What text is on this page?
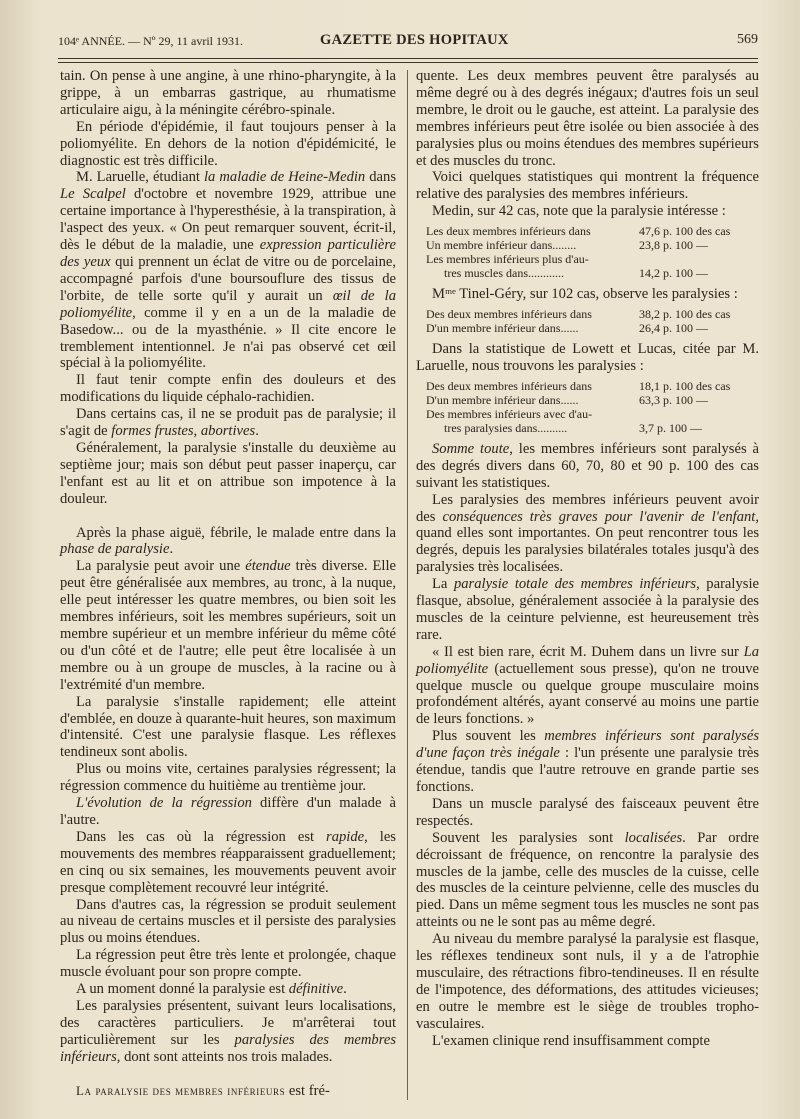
104ᵉ ANNÉE. — Nº 29, 11 avril 1931.	GAZETTE DES HOPITAUX	569

tain. On pense à une angine, à une rhino-pharyngite, à la grippe, à un embarras gastrique, au rhumatisme articulaire aigu, à la méningite cérébro-spinale.

En période d'épidémie, il faut toujours penser à la poliomyélite. En dehors de la notion d'épidémicité, le diagnostic est très difficile.

M. Laruelle, étudiant la maladie de Heine-Medin dans Le Scalpel d'octobre et novembre 1929, attribue une certaine importance à l'hyperesthésie, à la transpiration, à l'aspect des yeux. « On peut remarquer souvent, écrit-il, dès le début de la maladie, une expression particulière des yeux qui prennent un éclat de vitre ou de porcelaine, accompagné parfois d'une boursouflure des tissus de l'orbite, de telle sorte qu'il y aurait un œil de la poliomyélite, comme il y en a un de la maladie de Basedow... ou de la myasthénie. » Il cite encore le tremblement intentionnel. Je n'ai pas observé cet œil spécial à la poliomyélite.

Il faut tenir compte enfin des douleurs et des modifications du liquide céphalo-rachidien.

Dans certains cas, il ne se produit pas de paralysie; il s'agit de formes frustes, abortives.

Généralement, la paralysie s'installe du deuxième au septième jour; mais son début peut passer inaperçu, car l'enfant est au lit et on attribue son impotence à la douleur.

Après la phase aiguë, fébrile, le malade entre dans la phase de paralysie.

La paralysie peut avoir une étendue très diverse. Elle peut être généralisée aux membres, au tronc, à la nuque, elle peut intéresser les quatre membres, ou bien soit les membres inférieurs, soit les membres supérieurs, soit un membre supérieur et un membre inférieur du même côté ou d'un côté et de l'autre; elle peut être localisée à un membre ou à un groupe de muscles, à la racine ou à l'extrémité d'un membre.

La paralysie s'installe rapidement; elle atteint d'emblée, en douze à quarante-huit heures, son maximum d'intensité. C'est une paralysie flasque. Les réflexes tendineux sont abolis.

Plus ou moins vite, certaines paralysies régressent; la régression commence du huitième au trentième jour.

L'évolution de la régression diffère d'un malade à l'autre.

Dans les cas où la régression est rapide, les mouvements des membres réapparaissent graduellement; en cinq ou six semaines, les mouvements peuvent avoir presque complètement recouvré leur intégrité.

Dans d'autres cas, la régression se produit seulement au niveau de certains muscles et il persiste des paralysies plus ou moins étendues.

La régression peut être très lente et prolongée, chaque muscle évoluant pour son propre compte.

A un moment donné la paralysie est définitive.

Les paralysies présentent, suivant leurs localisations, des caractères particuliers. Je m'arrêterai tout particulièrement sur les paralysies des membres inférieurs, dont sont atteints nos trois malades.

La paralysie des membres inférieurs est fré-

quente. Les deux membres peuvent être paralysés au même degré ou à des degrés inégaux; d'autres fois un seul membre, le droit ou le gauche, est atteint. La paralysie des membres inférieurs peut être isolée ou bien associée à des paralysies plus ou moins étendues des membres supérieurs et des muscles du tronc.

Voici quelques statistiques qui montrent la fréquence relative des paralysies des membres inférieurs.

Medin, sur 42 cas, note que la paralysie intéresse :

Les deux membres inférieurs dans	47,6 p. 100 des cas
Un membre inférieur dans........	23,8 p. 100 —
Les membres inférieurs plus d'au-
tres muscles dans............	14,2 p. 100 —

Mᵐᵉ Tinel-Géry, sur 102 cas, observe les paralysies :

Des deux membres inférieurs dans	38,2 p. 100 des cas
D'un membre inférieur dans......	26,4 p. 100 —

Dans la statistique de Lowett et Lucas, citée par M. Laruelle, nous trouvons les paralysies :

Des deux membres inférieurs dans	18,1 p. 100 des cas
D'un membre inférieur dans......	63,3 p. 100 —
Des membres inférieurs avec d'au-
tres paralysies dans..........	3,7 p. 100 —

Somme toute, les membres inférieurs sont paralysés à des degrés divers dans 60, 70, 80 et 90 p. 100 des cas suivant les statistiques.

Les paralysies des membres inférieurs peuvent avoir des conséquences très graves pour l'avenir de l'enfant, quand elles sont importantes. On peut rencontrer tous les degrés, depuis les paralysies bilatérales totales jusqu'à des paralysies très localisées.

La paralysie totale des membres inférieurs, paralysie flasque, absolue, généralement associée à la paralysie des muscles de la ceinture pelvienne, est heureusement très rare.

« Il est bien rare, écrit M. Duhem dans un livre sur La poliomyélite (actuellement sous presse), qu'on ne trouve quelque muscle ou quelque groupe musculaire moins profondément altérés, ayant conservé au moins une partie de leurs fonctions. »

Plus souvent les membres inférieurs sont paralysés d'une façon très inégale : l'un présente une paralysie très étendue, tandis que l'autre retrouve en grande partie ses fonctions.

Dans un muscle paralysé des faisceaux peuvent être respectés.

Souvent les paralysies sont localisées. Par ordre décroissant de fréquence, on rencontre la paralysie des muscles de la jambe, celle des muscles de la cuisse, celle des muscles de la ceinture pelvienne, celle des muscles du pied. Dans un même segment tous les muscles ne sont pas atteints ou ne le sont pas au même degré.

Au niveau du membre paralysé la paralysie est flasque, les réflexes tendineux sont nuls, il y a de l'atrophie musculaire, des rétractions fibro-tendineuses. Il en résulte de l'impotence, des déformations, des attitudes vicieuses; en outre le membre est le siège de troubles tropho-vasculaires.

L'examen clinique rend insuffisamment compte
